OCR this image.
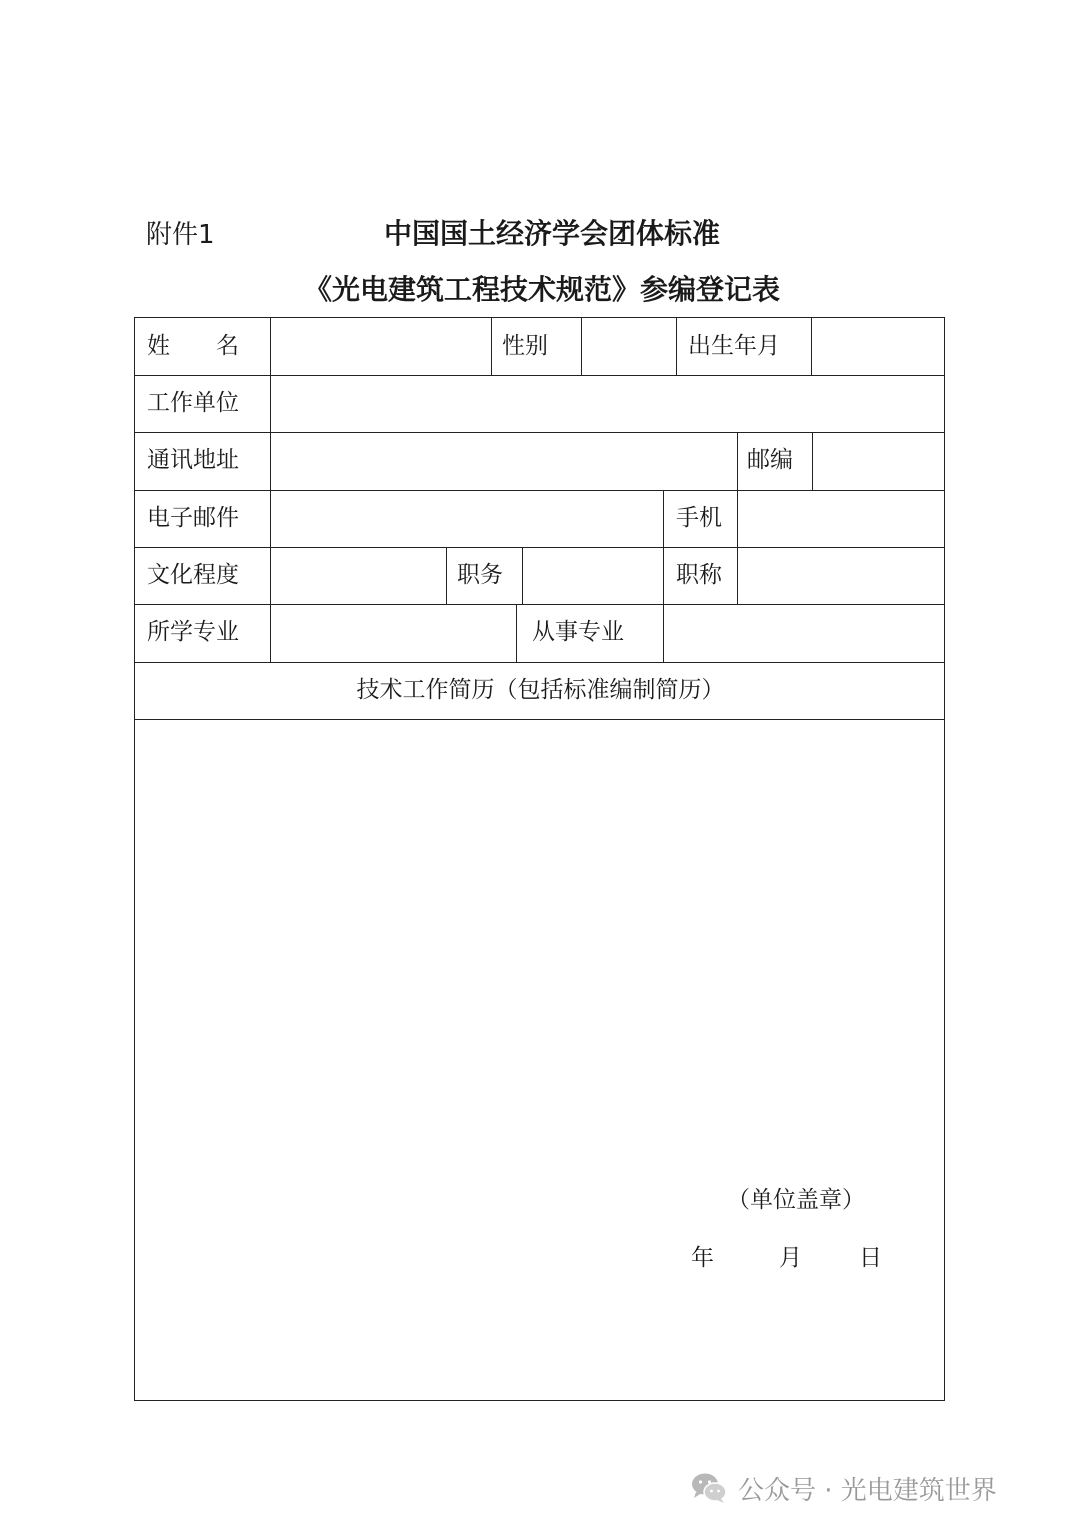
附件1	中国国土经济学会团体标准
《光电建筑工程技术规范》参编登记表
姓　　名	性别	出生年月
工作单位
通讯地址	邮编
电子邮件	手机
文化程度	职务	职称
所学专业	从事专业
技术工作简历（包括标准编制简历）
（单位盖章）
年	月 日
公众号 · 光电建筑世界
